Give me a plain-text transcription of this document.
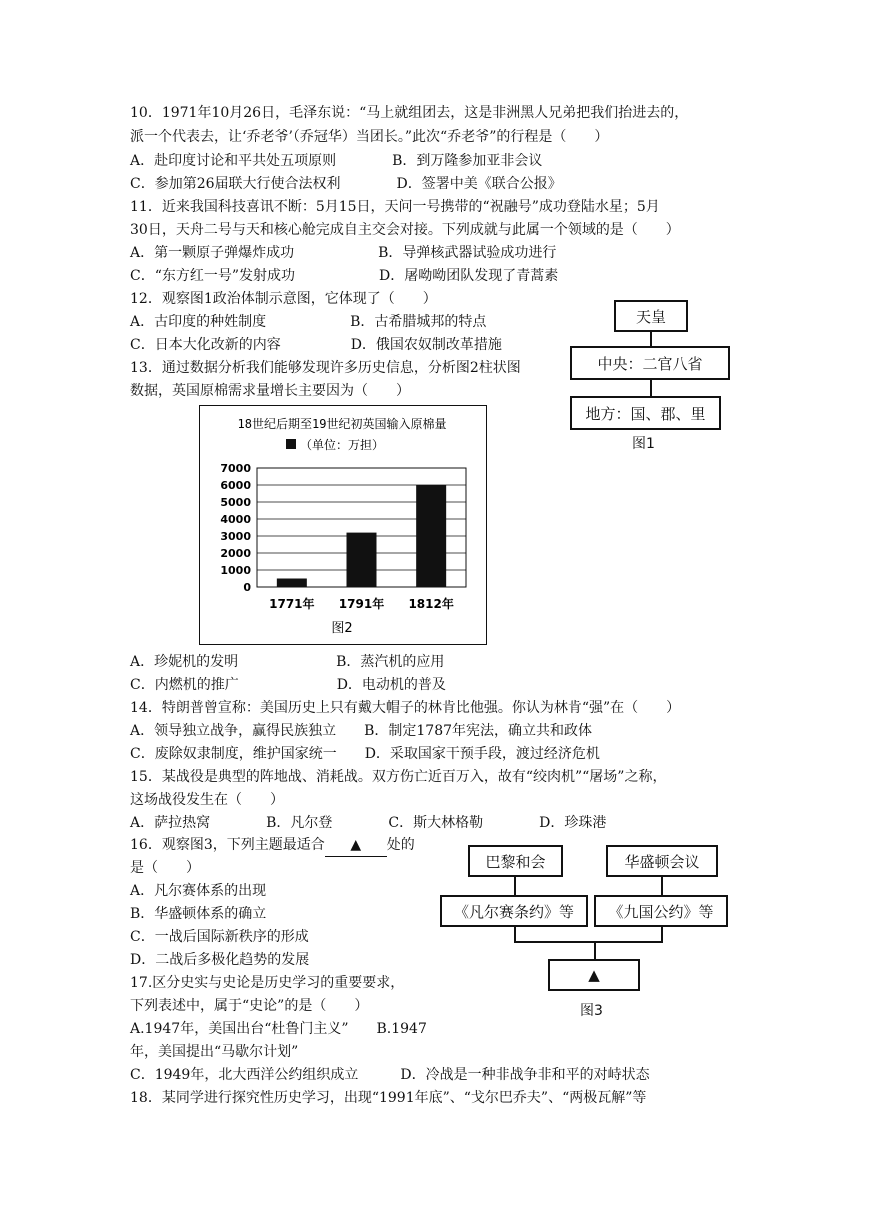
10．1971年10月26日，毛泽东说：“马上就组团去，这是非洲黑人兄弟把我们抬进去的，
派一个代表去，让‘乔老爷’（乔冠华）当团长。”此次“乔老爷”的行程是（　　）
A．赴印度讨论和平共处五项原则　　　　B．到万隆参加亚非会议
C．参加第26届联大行使合法权利　　　　D．签署中美《联合公报》
11．近来我国科技喜讯不断：5月15日，天问一号携带的“祝融号”成功登陆水星；5月
30日，天舟二号与天和核心舱完成自主交会对接。下列成就与此属一个领域的是（　　）
A．第一颗原子弹爆炸成功　　　　　　B．导弹核武器试验成功进行
C．“东方红一号”发射成功　　　　　　D．屠呦呦团队发现了青蒿素
12．观察图1政治体制示意图，它体现了（　　）
A．古印度的种姓制度　　　　　　B．古希腊城邦的特点
C．日本大化改新的内容　　　　　D．俄国农奴制改革措施
13．通过数据分析我们能够发现许多历史信息，分析图2柱状图
数据，英国原棉需求量增长主要因为（　　）
A．珍妮机的发明　　　　　　　B．蒸汽机的应用
C．内燃机的推广　　　　　　　D．电动机的普及
14．特朗普曾宣称：美国历史上只有戴大帽子的林肯比他强。你认为林肯“强”在（　　）
A．领导独立战争，赢得民族独立　　B．制定1787年宪法，确立共和政体
C．废除奴隶制度，维护国家统一　　D．采取国家干预手段，渡过经济危机
15．某战役是典型的阵地战、消耗战。双方伤亡近百万入，故有“绞肉机”“屠场”之称，
这场战役发生在（　　）
A．萨拉热窝　　　　B．凡尔登　　　　C．斯大林格勒　　　　D．珍珠港
16．观察图3，下列主题最适合 ▲ 处的
是（　　）
A．凡尔赛体系的出现
B．华盛顿体系的确立
C．一战后国际新秩序的形成
D．二战后多极化趋势的发展
17.区分史实与史论是历史学习的重要要求，
下列表述中，属于“史论”的是（　　）
A.1947年，美国出台“杜鲁门主义”　　B.1947
年，美国提出“马歇尔计划”
C．1949年，北大西洋公约组织成立　　　D．冷战是一种非战争非和平的对峙状态
18．某同学进行探究性历史学习，出现“1991年底”、“戈尔巴乔夫”、“两极瓦解”等
天皇
中央：二官八省
地方：国、郡、里
图1
18世纪后期至19世纪初英国输入原棉量
（单位：万担）
0
1000
2000
3000
4000
5000
6000
7000
1771年 1791年 1812年
图2
巴黎和会	华盛顿会议
《凡尔赛条约》等	《九国公约》等
▲
图3
